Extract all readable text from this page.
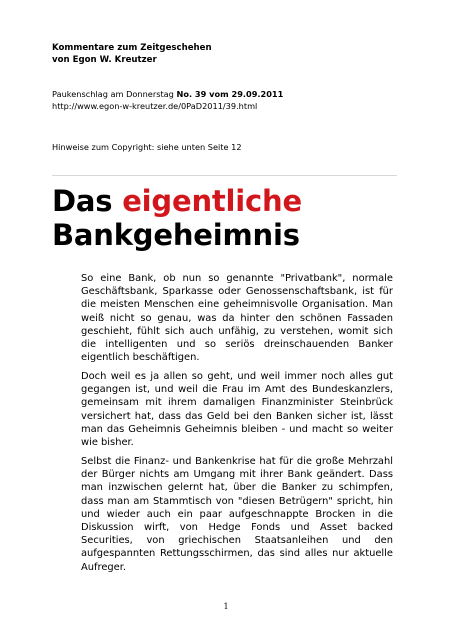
Kommentare zum Zeitgeschehen

von Egon W. Kreutzer

Paukenschlag am Donnerstag No. 39 vom 29.09.2011
http://www.egon-w-kreutzer.de/0PaD2011/39.html
Hinweise zum Copyright: siehe unten Seite 12
Das eigentliche
Bankgeheimnis

So eine Bank, ob nun so genannte "Privatbank", normale Geschäftsbank, Sparkasse oder Genossenschaftsbank, ist für die meisten Menschen eine geheimnisvolle Organisation. Man weiß nicht so genau, was da hinter den schönen Fassaden geschieht, fühlt sich auch unfähig, zu verstehen, womit sich die intelligenten und so seriös dreinschauenden Banker eigentlich beschäftigen.

Doch weil es ja allen so geht, und weil immer noch alles gut gegangen ist, und weil die Frau im Amt des Bundeskanzlers, gemeinsam mit ihrem damaligen Finanzminister Steinbrück versichert hat, dass das Geld bei den Banken sicher ist, lässt man das Geheimnis Geheimnis bleiben - und macht so weiter wie bisher.

Selbst die Finanz- und Bankenkrise hat für die große Mehrzahl der Bürger nichts am Umgang mit ihrer Bank geändert. Dass man inzwischen gelernt hat, über die Banker zu schimpfen, dass man am Stammtisch von "diesen Betrügern" spricht, hin und wieder auch ein paar aufgeschnappte Brocken in die Diskussion wirft, von Hedge Fonds und Asset backed Securities, von griechischen Staatsanleihen und den aufgespannten Rettungsschirmen, das sind alles nur aktuelle Aufreger.

1
